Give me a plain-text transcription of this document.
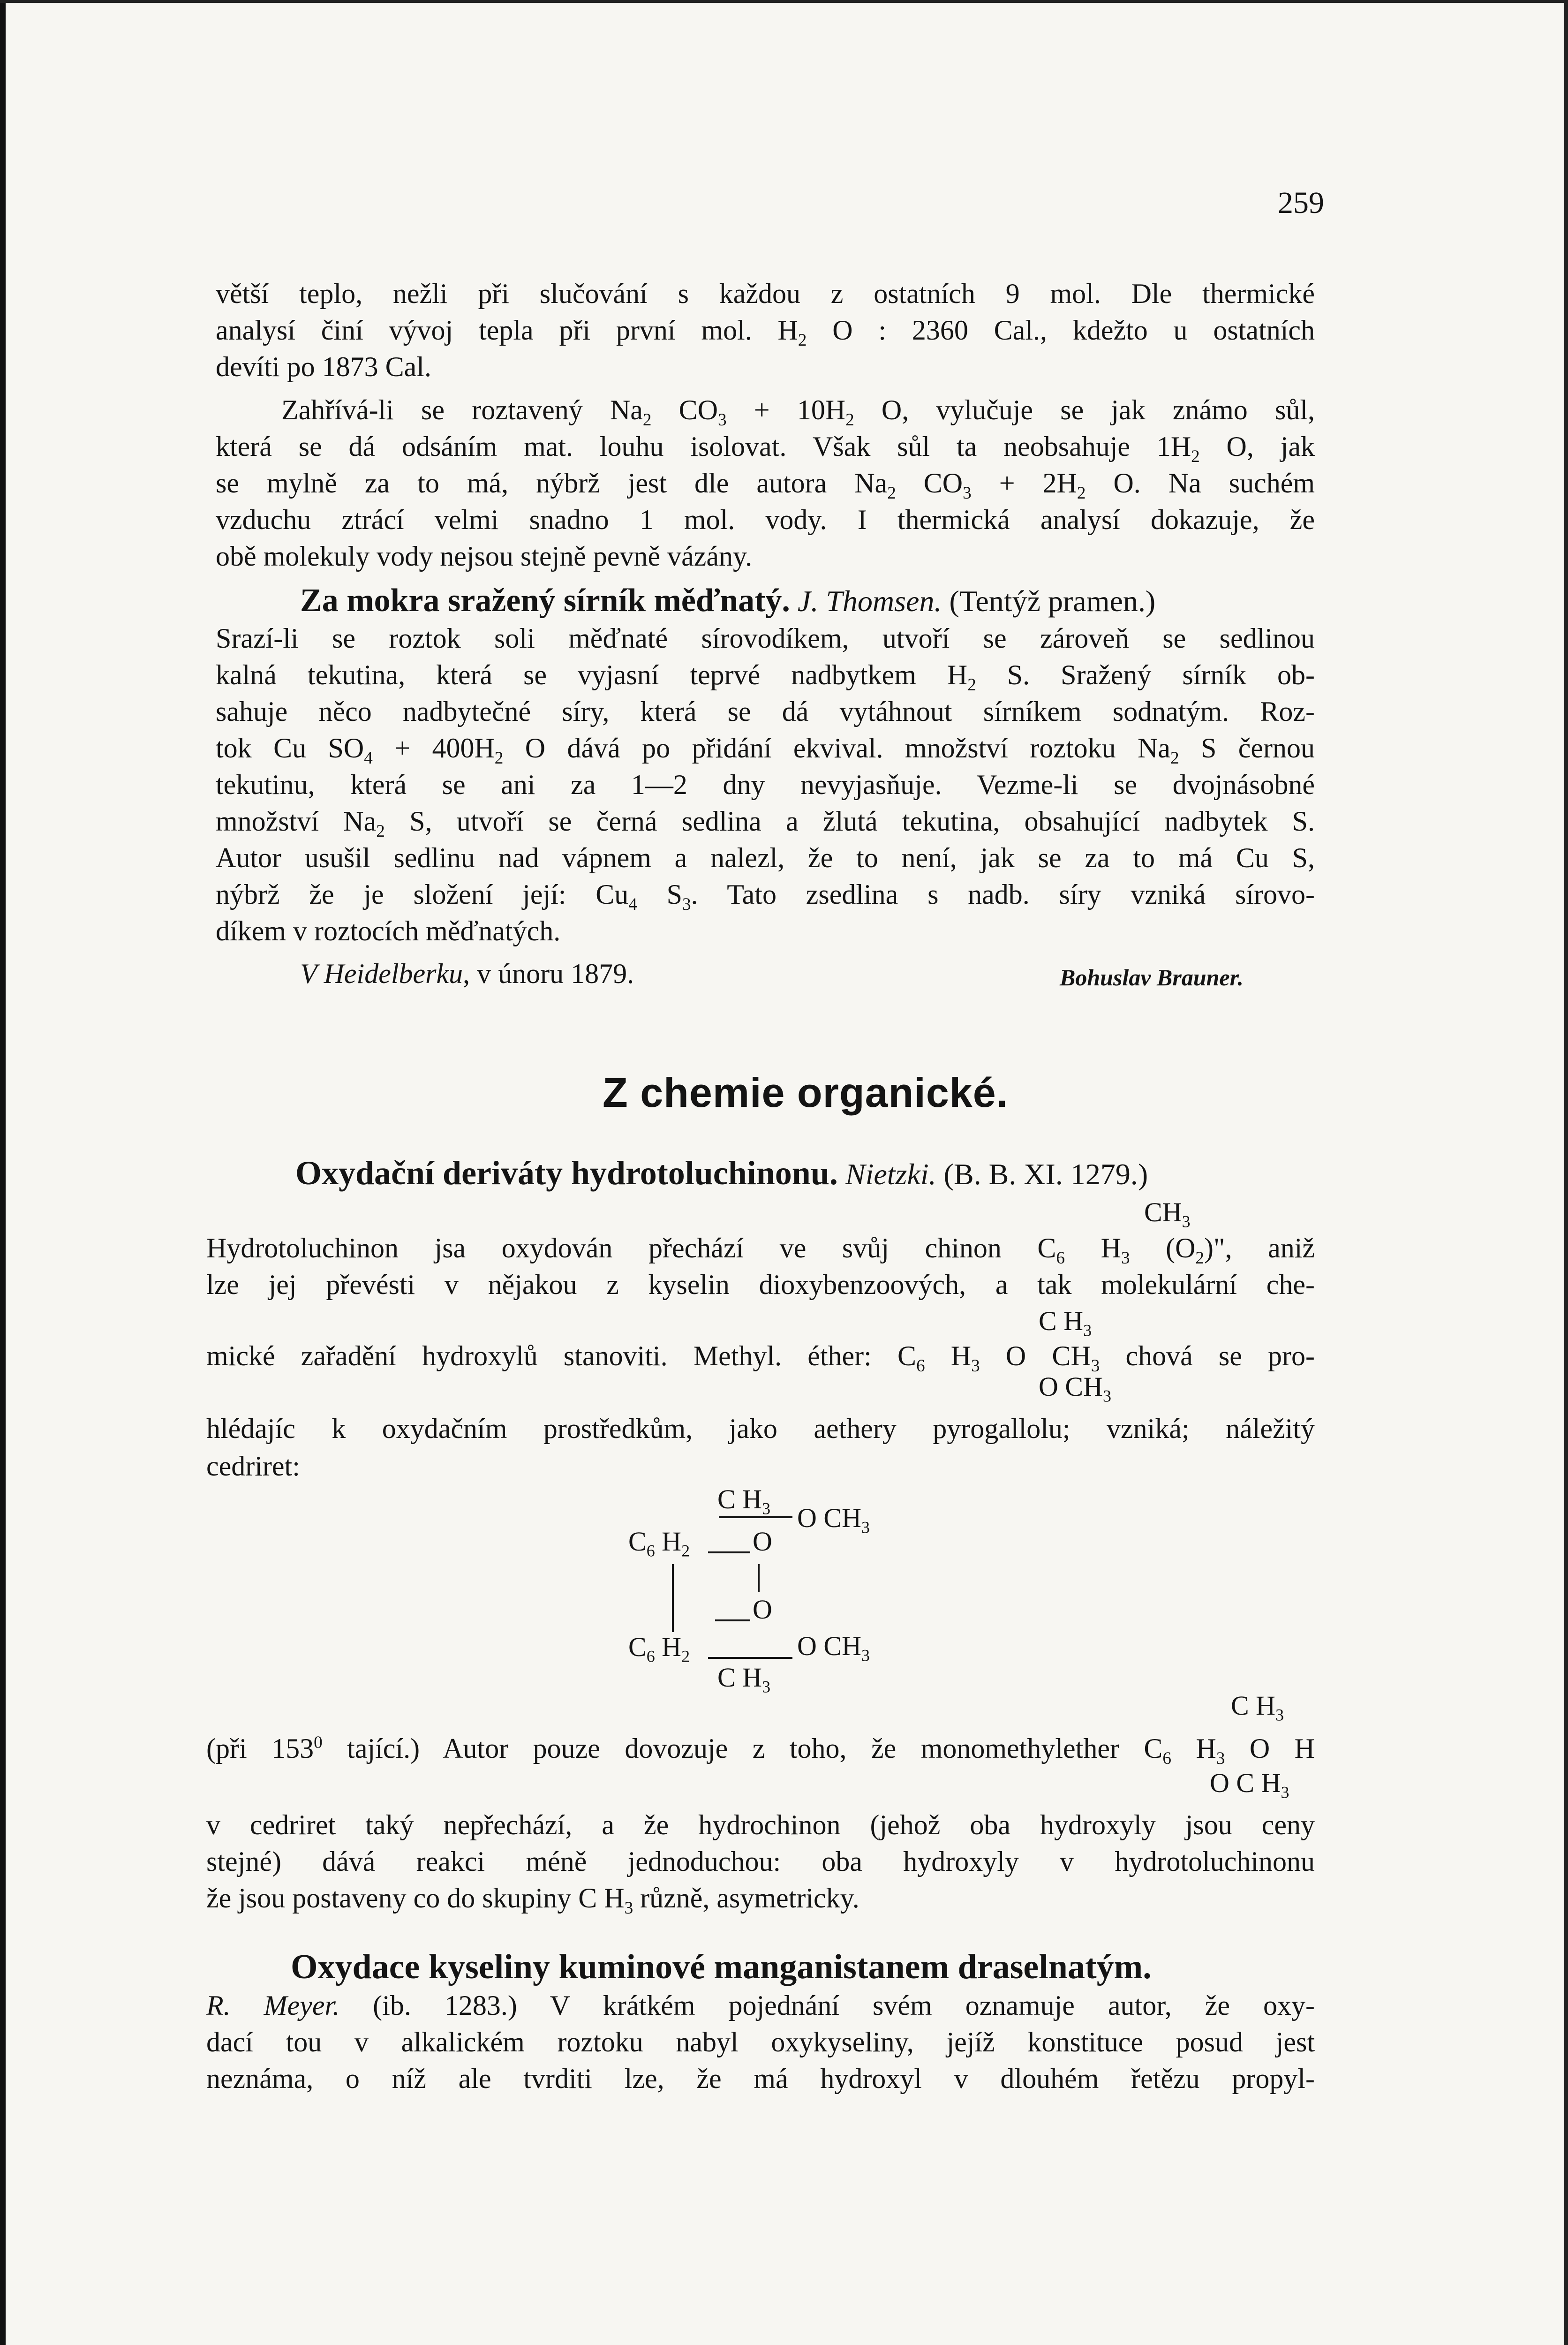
259
větší teplo, nežli při slučování s každou z ostatních 9 mol. Dle thermické
analysí činí vývoj tepla při první mol. $H_2$ O : 2360 Cal., kdežto u ostatních
devíti po 1873 Cal.
Zahřívá-li se roztavený $Na_2$ $CO_3 + 10H_2$ O, vylučuje se jak známo sůl,
která se dá odsáním mat. louhu isolovat. Však sůl ta neobsahuje $1H_2$ O, jak
se mylně za to má, nýbrž jest dle autora $Na_2$ $CO_3 + 2H_2$ O. Na suchém
vzduchu ztrácí velmi snadno 1 mol. vody. I thermická analysí dokazuje, že
obě molekuly vody nejsou stejně pevně vázány.
Za mokra sražený sírník měďnatý. J. Thomsen. (Tentýž pramen.)
Srazí-li se roztok soli měďnaté sírovodíkem, utvoří se zároveň se sedlinou
kalná tekutina, která se vyjasní teprvé nadbytkem $H_2$ S. Sražený sírník ob-
sahuje něco nadbytečné síry, která se dá vytáhnout sírníkem sodnatým. Roz-
tok Cu $SO_4 + 400H_2$ O dává po přidání ekvival. množství roztoku $Na_2$ S černou
tekutinu, která se ani za 1—2 dny nevyjasňuje. Vezme-li se dvojnásobné
množství $Na_2$ S, utvoří se černá sedlina a žlutá tekutina, obsahující nadbytek S.
Autor usušil sedlinu nad vápnem a nalezl, že to není, jak se za to má Cu S,
nýbrž že je složení její: $Cu_4$ $S_3$. Tato zsedlina s nadb. síry vzniká sírovo-
díkem v roztocích měďnatých.
V Heidelberku, v únoru 1879.	Bohuslav Brauner.
Z chemie organické.
Oxydační deriváty hydrotoluchinonu. Nietzki. (B. B. XI. 1279.)
$CH_3$
Hydrotoluchinon jsa oxydován přechází ve svůj chinon $C_6$ $H_3$ $(O_2)$", aniž
lze jej převésti v nějakou z kyselin dioxybenzoových, a tak molekulární che-
C $H_3$
mické zařadění hydroxylů stanoviti. Methyl. éther: $C_6$ $H_3$ O $CH_3$ chová se pro-
O $CH_3$
hlédajíc k oxydačním prostředkům, jako aethery pyrogallolu; vzniká; náležitý
cedriret:
C $H_3$ O $CH_3$
$C_6$ $H_2$ O
O
$C_6$ $H_2$	O $CH_3$
C $H_3$
C $H_3$
(při $153^0$ tající.) Autor pouze dovozuje z toho, že monomethylether $C_6$ $H_3$ O H
O C $H_3$
v cedriret taký nepřechází, a že hydrochinon (jehož oba hydroxyly jsou ceny
stejné) dává reakci méně jednoduchou: oba hydroxyly v hydrotoluchinonu
že jsou postaveny co do skupiny C $H_3$ různě, asymetricky.
Oxydace kyseliny kuminové manganistanem draselnatým.
R. Meyer. (ib. 1283.) V krátkém pojednání svém oznamuje autor, že oxy-
dací tou v alkalickém roztoku nabyl oxykyseliny, jejíž konstituce posud jest
neznáma, o níž ale tvrditi lze, že má hydroxyl v dlouhém řetězu propyl-
